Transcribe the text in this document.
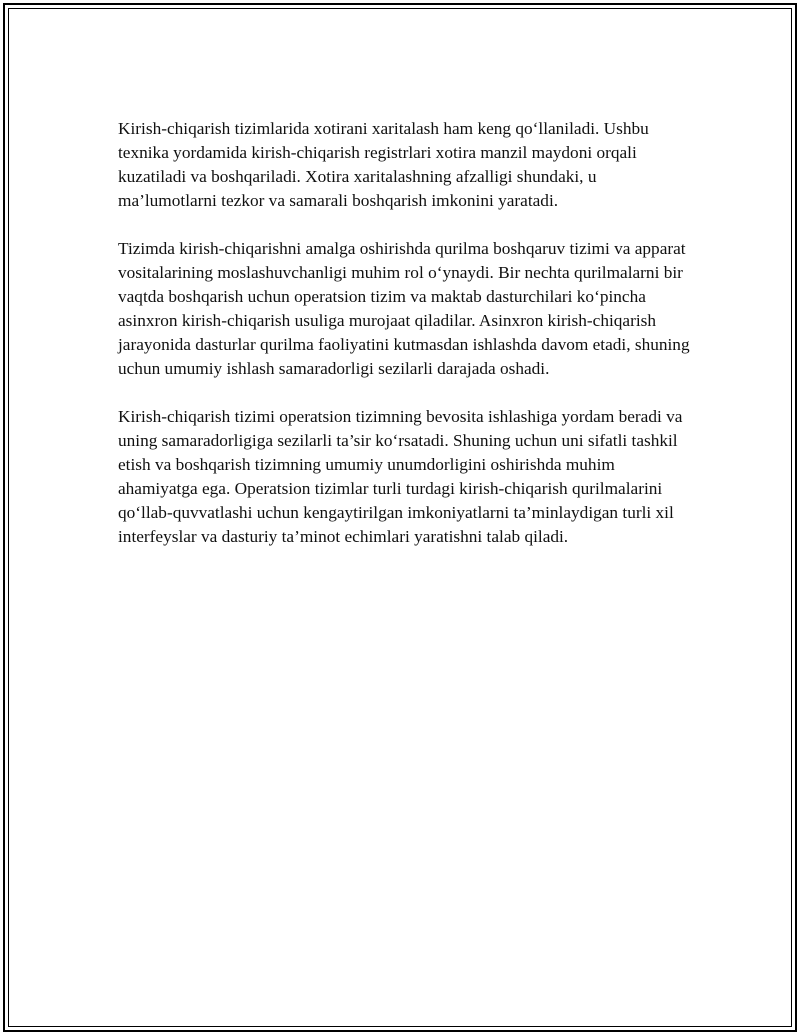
Kirish-chiqarish tizimlarida xotirani xaritalash ham keng qo‘llaniladi. Ushbu texnika yordamida kirish-chiqarish registrlari xotira manzil maydoni orqali kuzatiladi va boshqariladi. Xotira xaritalashning afzalligi shundaki, u ma’lumotlarni tezkor va samarali boshqarish imkonini yaratadi.

Tizimda kirish-chiqarishni amalga oshirishda qurilma boshqaruv tizimi va apparat vositalarining moslashuvchanligi muhim rol o‘ynaydi. Bir nechta qurilmalarni bir vaqtda boshqarish uchun operatsion tizim va maktab dasturchilari ko‘pincha asinxron kirish-chiqarish usuliga murojaat qiladilar. Asinxron kirish-chiqarish jarayonida dasturlar qurilma faoliyatini kutmasdan ishlashda davom etadi, shuning uchun umumiy ishlash samaradorligi sezilarli darajada oshadi.

Kirish-chiqarish tizimi operatsion tizimning bevosita ishlashiga yordam beradi va uning samaradorligiga sezilarli ta’sir ko‘rsatadi. Shuning uchun uni sifatli tashkil etish va boshqarish tizimning umumiy unumdorligini oshirishda muhim ahamiyatga ega. Operatsion tizimlar turli turdagi kirish-chiqarish qurilmalarini qo‘llab-quvvatlashi uchun kengaytirilgan imkoniyatlarni ta’minlaydigan turli xil interfeyslar va dasturiy ta’minot echimlari yaratishni talab qiladi.
